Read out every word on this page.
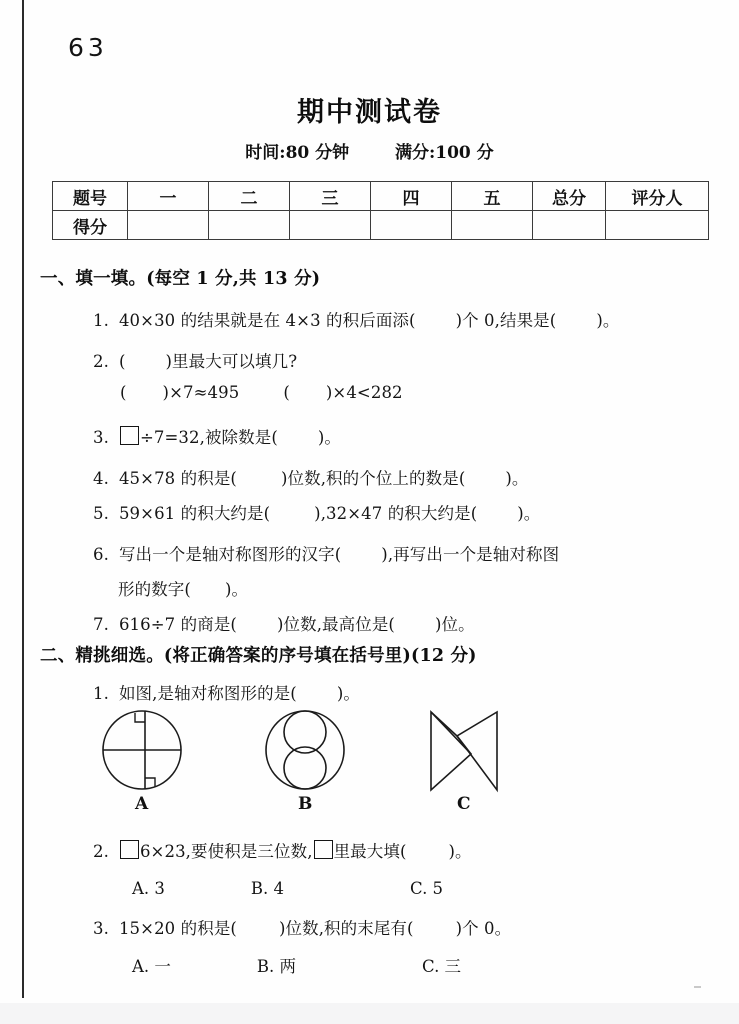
63
期中测试卷
时间:80 分钟	满分:100 分
题号	一	二	三	四	五	总分	评分人
得分							
一、填一填。(每空 1 分,共 13 分)
1. 40×30 的结果就是在 4×3 的积后面添( )个 0,结果是( )。
2. ( )里最大可以填几?
( )×7≈495	( )×4<282
3. ÷7=32,被除数是( )。
4. 45×78 的积是(	)位数,积的个位上的数是( )。
5. 59×61 的积大约是(	),32×47 的积大约是( )。
6. 写出一个是轴对称图形的汉字( ),再写出一个是轴对称图
形的数字( )。
7. 616÷7 的商是( )位数,最高位是( )位。
二、精挑细选。(将正确答案的序号填在括号里)(12 分)
1. 如图,是轴对称图形的是( )。
A	B	C
2. 6×23,要使积是三位数, 里最大填(	)。
A. 3	B. 4	C. 5
3. 15×20 的积是(	)位数,积的末尾有(	)个 0。
A. 一	B. 两	C. 三
